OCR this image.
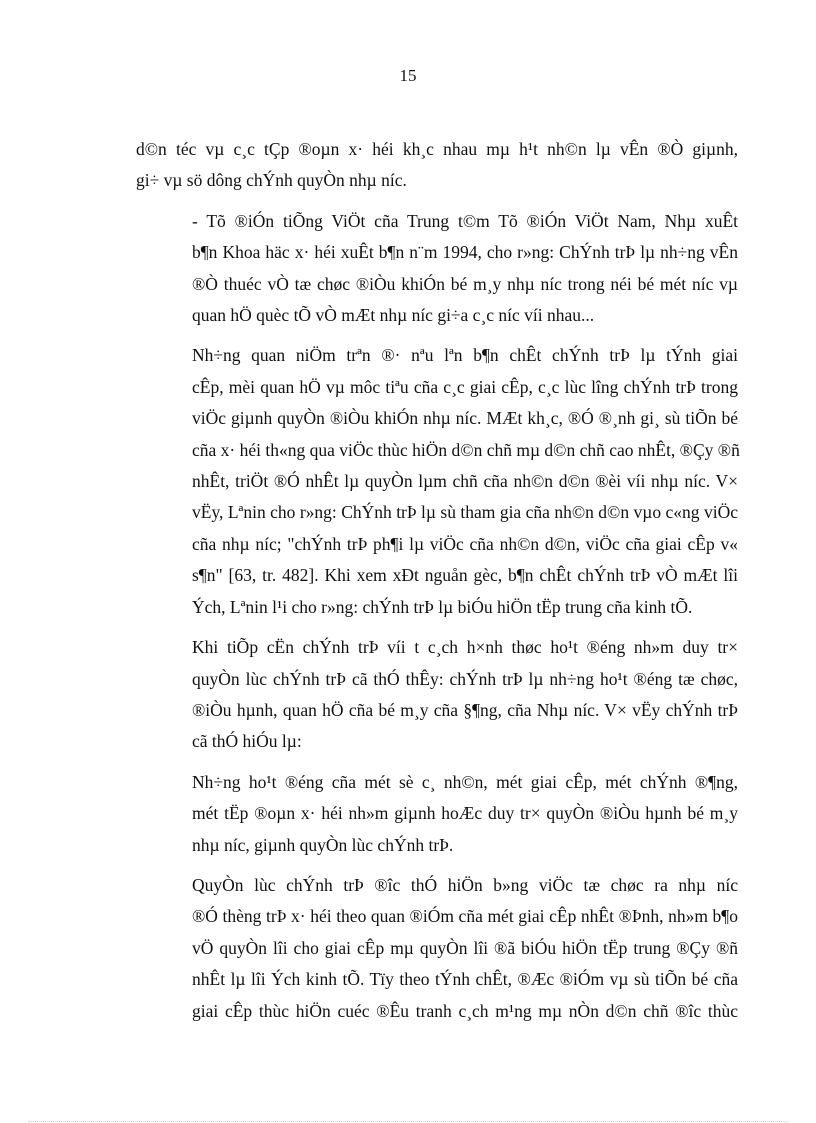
15

d©n téc vµ c¸c tÇp ®oµn x· héi kh¸c nhau mµ h¹t nh©n lµ vÊn ®Ò giµnh,
gi÷ vµ sö dông chÝnh quyÒn nhµ níc.

- Tõ ®iÓn tiÕng ViÖt cña Trung t©m Tõ ®iÓn ViÖt Nam, Nhµ xuÊt
b¶n Khoa häc x· héi xuÊt b¶n n¨m 1994, cho r»ng: ChÝnh trÞ lµ nh÷ng vÊn
®Ò thuéc vÒ tæ chøc ®iÒu khiÓn bé m¸y nhµ níc trong néi bé mét níc vµ
quan hÖ quèc tÕ vÒ mÆt nhµ níc gi÷a c¸c níc víi nhau...

Nh÷ng quan niÖm trªn ®· nªu lªn b¶n chÊt chÝnh trÞ lµ tÝnh giai
cÊp, mèi quan hÖ vµ môc tiªu cña c¸c giai cÊp, c¸c lùc lîng chÝnh trÞ trong
viÖc giµnh quyÒn ®iÒu khiÓn nhµ níc. MÆt kh¸c, ®Ó ®¸nh gi¸ sù tiÕn bé
cña x· héi th«ng qua viÖc thùc hiÖn d©n chñ mµ d©n chñ cao nhÊt, ®Çy ®ñ
nhÊt, triÖt ®Ó nhÊt lµ quyÒn lµm chñ cña nh©n d©n ®èi víi nhµ níc. V×
vËy, Lªnin cho r»ng: ChÝnh trÞ lµ sù tham gia cña nh©n d©n vµo c«ng viÖc
cña nhµ níc; "chÝnh trÞ ph¶i lµ viÖc cña nh©n d©n, viÖc cña giai cÊp v«
s¶n" [63, tr. 482]. Khi xem xÐt nguån gèc, b¶n chÊt chÝnh trÞ vÒ mÆt lîi
Ých, Lªnin l¹i cho r»ng: chÝnh trÞ lµ biÓu hiÖn tËp trung cña kinh tÕ.

Khi tiÕp cËn chÝnh trÞ víi t c¸ch h×nh thøc ho¹t ®éng nh»m duy tr×
quyÒn lùc chÝnh trÞ cã thÓ thÊy: chÝnh trÞ lµ nh÷ng ho¹t ®éng tæ chøc,
®iÒu hµnh, quan hÖ cña bé m¸y cña §¶ng, cña Nhµ níc. V× vËy chÝnh trÞ
cã thÓ hiÓu lµ:

Nh÷ng ho¹t ®éng cña mét sè c¸ nh©n, mét giai cÊp, mét chÝnh ®¶ng,
mét tËp ®oµn x· héi nh»m giµnh hoÆc duy tr× quyÒn ®iÒu hµnh bé m¸y
nhµ níc, giµnh quyÒn lùc chÝnh trÞ.

QuyÒn lùc chÝnh trÞ ®îc thÓ hiÖn b»ng viÖc tæ chøc ra nhµ níc
®Ó thèng trÞ x· héi theo quan ®iÓm cña mét giai cÊp nhÊt ®Þnh, nh»m b¶o
vÖ quyÒn lîi cho giai cÊp mµ quyÒn lîi ®ã biÓu hiÖn tËp trung ®Çy ®ñ
nhÊt lµ lîi Ých kinh tÕ. Tïy theo tÝnh chÊt, ®Æc ®iÓm vµ sù tiÕn bé cña
giai cÊp thùc hiÖn cuéc ®Êu tranh c¸ch m¹ng mµ nÒn d©n chñ ®îc thùc
